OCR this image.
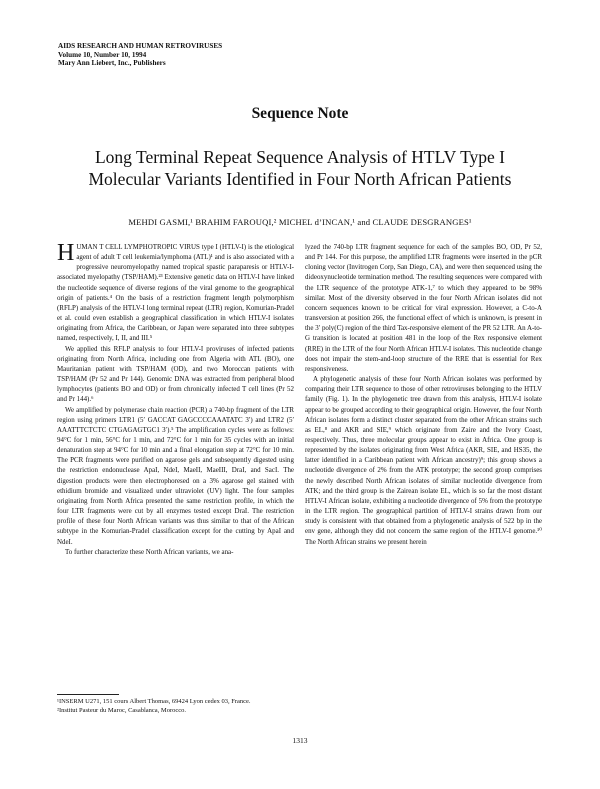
AIDS RESEARCH AND HUMAN RETROVIRUSES
Volume 10, Number 10, 1994
Mary Ann Liebert, Inc., Publishers
Sequence Note
Long Terminal Repeat Sequence Analysis of HTLV Type I
Molecular Variants Identified in Four North African Patients
MEHDI GASMI,¹ BRAHIM FAROUQI,² MICHEL d’INCAN,¹ and CLAUDE DESGRANGES¹

HUMAN T CELL LYMPHOTROPIC VIRUS type I (HTLV-I) is the etiological agent of adult T cell leukemia/lymphoma (ATL)¹ and is also associated with a progressive neuromyelopathy named tropical spastic paraparesis or HTLV-I-associated myelopathy (TSP/HAM).²³ Extensive genetic data on HTLV-I have linked the nucleotide sequence of diverse regions of the viral genome to the geographical origin of patients.⁴ On the basis of a restriction fragment length polymorphism (RFLP) analysis of the HTLV-I long terminal repeat (LTR) region, Komurian-Pradel et al. could even establish a geographical classification in which HTLV-I isolates originating from Africa, the Caribbean, or Japan were separated into three subtypes named, respectively, I, II, and III.⁵

We applied this RFLP analysis to four HTLV-I proviruses of infected patients originating from North Africa, including one from Algeria with ATL (BO), one Mauritanian patient with TSP/HAM (OD), and two Moroccan patients with TSP/HAM (Pr 52 and Pr 144). Genomic DNA was extracted from peripheral blood lymphocytes (patients BO and OD) or from chronically infected T cell lines (Pr 52 and Pr 144).⁶

We amplified by polymerase chain reaction (PCR) a 740-bp fragment of the LTR region using primers LTR1 (5′ GACCAT GAGCCCCAAATATC 3′) and LTR2 (5′ AAATTTCTCTC CTGAGAGTGC1 3′).⁵ The amplification cycles were as follows: 94°C for 1 min, 56°C for 1 min, and 72°C for 1 min for 35 cycles with an initial denaturation step at 94°C for 10 min and a final elongation step at 72°C for 10 min. The PCR fragments were purified on agarose gels and subsequently digested using the restriction endonuclease ApaI, NdeI, MaeII, MaeIII, DraI, and SacI. The digestion products were then electrophoresed on a 3% agarose gel stained with ethidium bromide and visualized under ultraviolet (UV) light. The four samples originating from North Africa presented the same restriction profile, in which the four LTR fragments were cut by all enzymes tested except DraI. The restriction profile of these four North African variants was thus similar to that of the African subtype in the Komurian-Pradel classification except for the cutting by ApaI and NdeI.

To further characterize these North African variants, we ana-

lyzed the 740-bp LTR fragment sequence for each of the samples BO, OD, Pr 52, and Pr 144. For this purpose, the amplified LTR fragments were inserted in the pCR cloning vector (Invitrogen Corp, San Diego, CA), and were then sequenced using the dideoxynucleotide termination method. The resulting sequences were compared with the LTR sequence of the prototype ATK-1,⁷ to which they appeared to be 98% similar. Most of the diversity observed in the four North African isolates did not concern sequences known to be critical for viral expression. However, a C-to-A transversion at position 266, the functional effect of which is unknown, is present in the 3′ poly(C) region of the third Tax-responsive element of the PR 52 LTR. An A-to-G transition is located at position 481 in the loop of the Rex responsive element (RRE) in the LTR of the four North African HTLV-I isolates. This nucleotide change does not impair the stem-and-loop structure of the RRE that is essential for Rex responsiveness.

A phylogenetic analysis of these four North African isolates was performed by comparing their LTR sequence to those of other retroviruses belonging to the HTLV family (Fig. 1). In the phylogenetic tree drawn from this analysis, HTLV-I isolate appear to be grouped according to their geographical origin. However, the four North African isolates form a distinct cluster separated from the other African strains such as EL,⁸ and AKR and SIE,⁹ which originate from Zaire and the Ivory Coast, respectively. Thus, three molecular groups appear to exist in Africa. One group is represented by the isolates originating from West Africa (AKR, SIE, and HS35, the latter identified in a Caribbean patient with African ancestry)⁹; this group shows a nucleotide divergence of 2% from the ATK prototype; the second group comprises the newly described North African isolates of similar nucleotide divergence from ATK; and the third group is the Zairean isolate EL, which is so far the most distant HTLV-I African isolate, exhibiting a nucleotide divergence of 5% from the prototype in the LTR region. The geographical partition of HTLV-I strains drawn from our study is consistent with that obtained from a phylogenetic analysis of 522 bp in the env gene, although they did not concern the same region of the HTLV-I genome.¹⁰ The North African strains we present herein

¹INSERM U271, 151 cours Albert Thomas, 69424 Lyon cedex 03, France.
²Institut Pasteur du Maroc, Casablanca, Morocco.
1313
